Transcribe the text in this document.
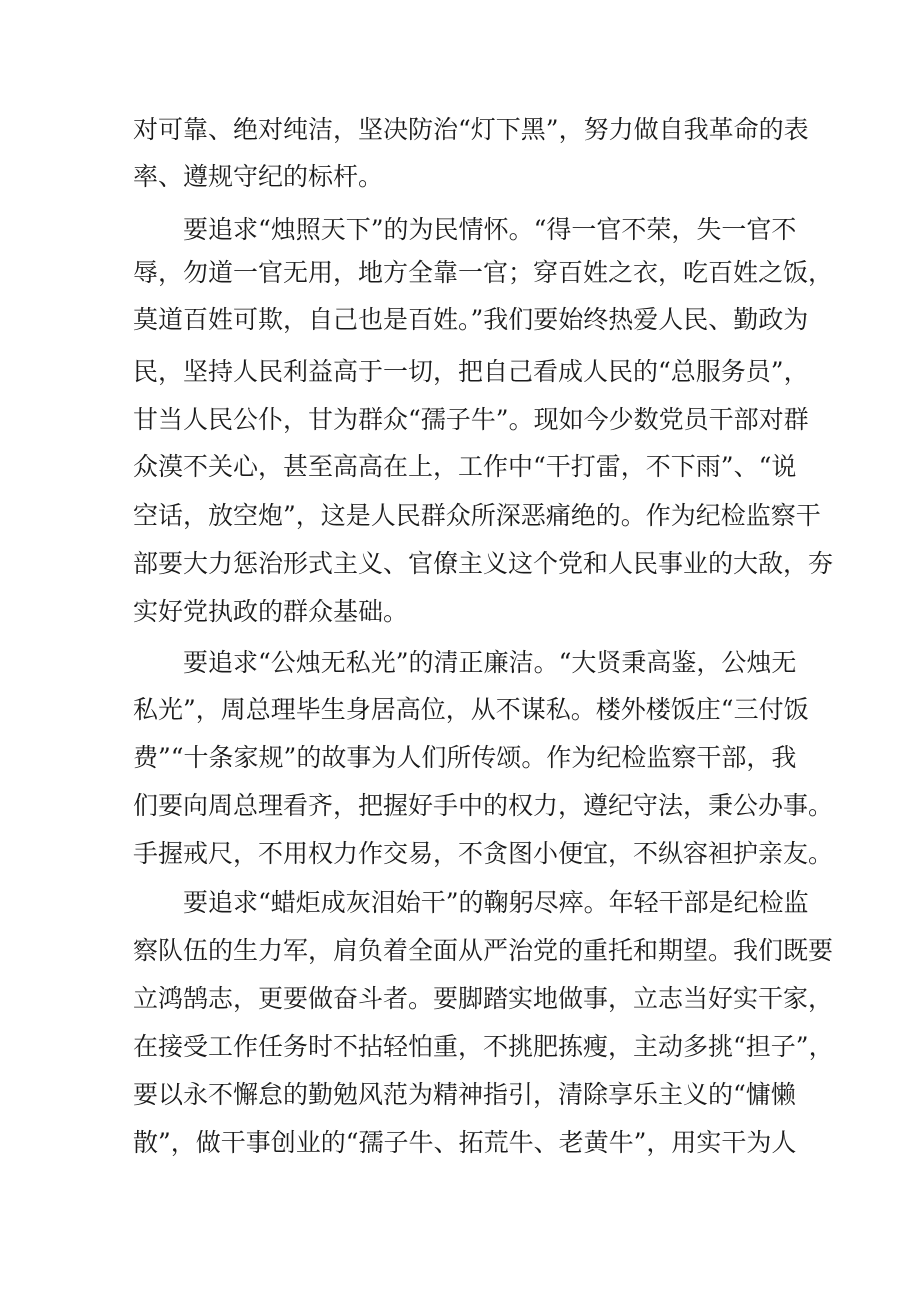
对可靠、绝对纯洁，坚决防治“灯下黑”，努力做自我革命的表
率、遵规守纪的标杆。
要追求“烛照天下”的为民情怀。“得一官不荣，失一官不
辱，勿道一官无用，地方全靠一官；穿百姓之衣，吃百姓之饭，
莫道百姓可欺，自己也是百姓。”我们要始终热爱人民、勤政为
民，坚持人民利益高于一切，把自己看成人民的“总服务员”，
甘当人民公仆，甘为群众“孺子牛”。现如今少数党员干部对群
众漠不关心，甚至高高在上，工作中“干打雷，不下雨”、“说
空话，放空炮”，这是人民群众所深恶痛绝的。作为纪检监察干
部要大力惩治形式主义、官僚主义这个党和人民事业的大敌，夯
实好党执政的群众基础。
要追求“公烛无私光”的清正廉洁。“大贤秉高鉴，公烛无
私光”，周总理毕生身居高位，从不谋私。楼外楼饭庄“三付饭
费”“十条家规”的故事为人们所传颂。作为纪检监察干部，我
们要向周总理看齐，把握好手中的权力，遵纪守法，秉公办事。
手握戒尺，不用权力作交易，不贪图小便宜，不纵容袒护亲友。
要追求“蜡炬成灰泪始干”的鞠躬尽瘁。年轻干部是纪检监
察队伍的生力军，肩负着全面从严治党的重托和期望。我们既要
立鸿鹄志，更要做奋斗者。要脚踏实地做事，立志当好实干家，
在接受工作任务时不拈轻怕重，不挑肥拣瘦，主动多挑“担子”，
要以永不懈怠的勤勉风范为精神指引，清除享乐主义的“慵懒
散”，做干事创业的“孺子牛、拓荒牛、老黄牛”，用实干为人
